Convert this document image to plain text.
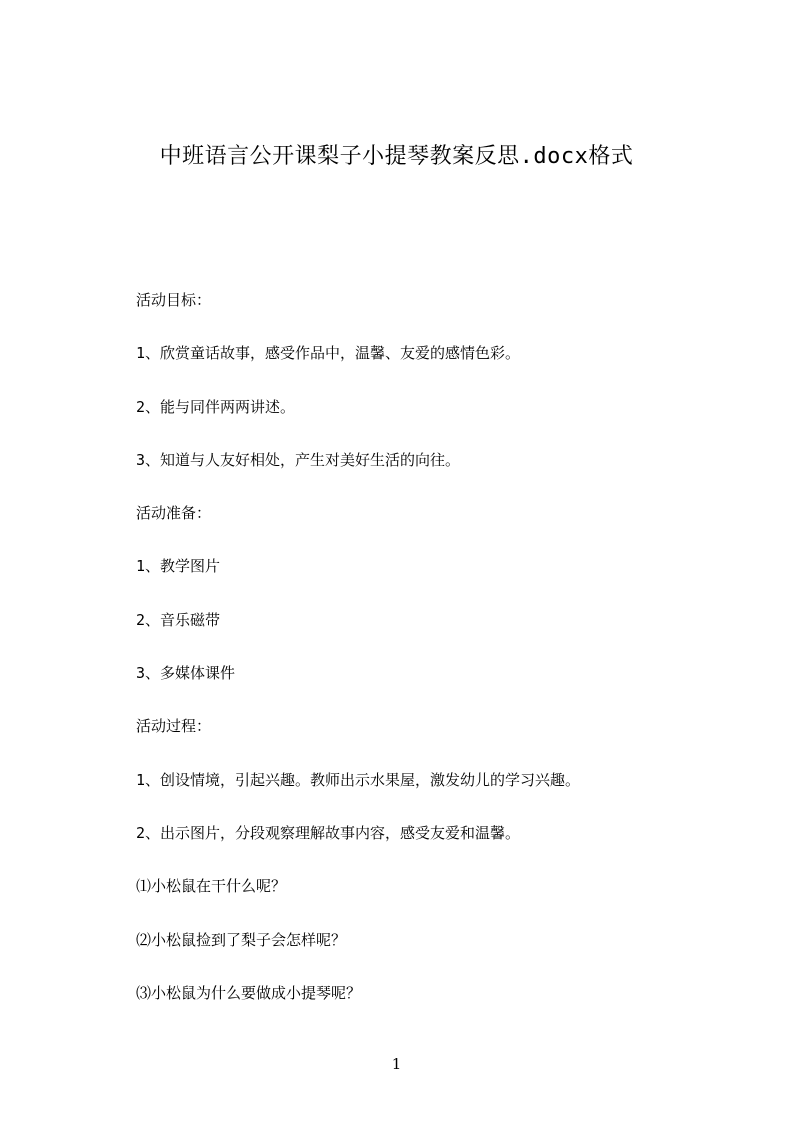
中班语言公开课梨子小提琴教案反思.docx格式

活动目标：

1、欣赏童话故事，感受作品中，温馨、友爱的感情色彩。

2、能与同伴两两讲述。

3、知道与人友好相处，产生对美好生活的向往。

活动准备：

1、教学图片

2、音乐磁带

3、多媒体课件

活动过程：

1、创设情境，引起兴趣。教师出示水果屋，激发幼儿的学习兴趣。

2、出示图片，分段观察理解故事内容，感受友爱和温馨。

⑴小松鼠在干什么呢？

⑵小松鼠捡到了梨子会怎样呢？

⑶小松鼠为什么要做成小提琴呢？

1
